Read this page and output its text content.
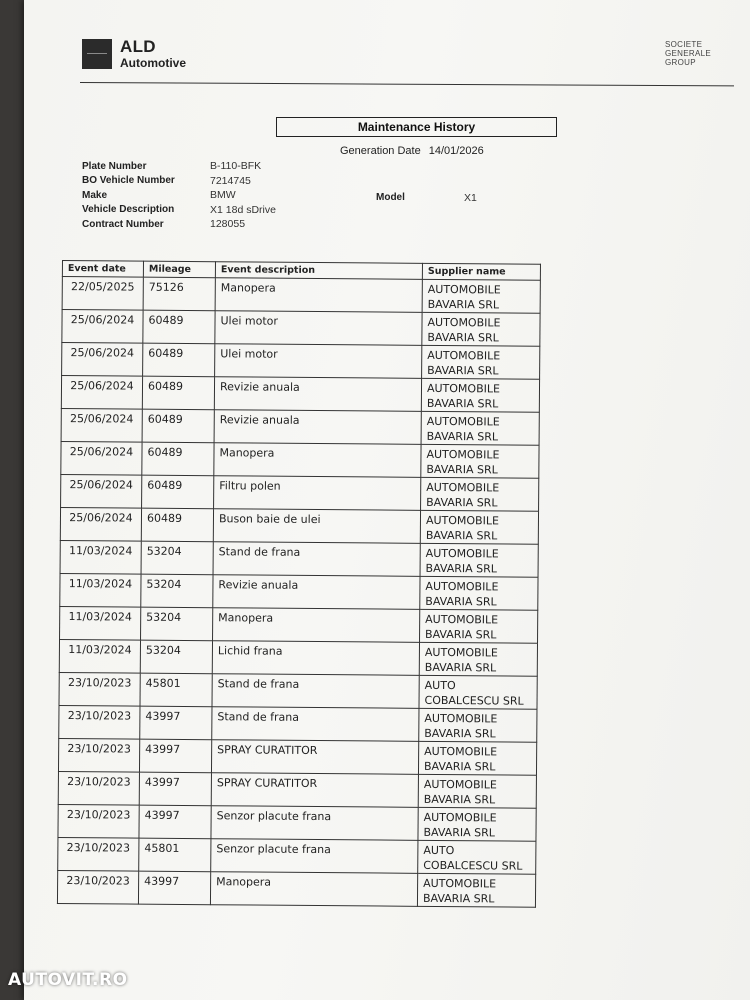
ALD
Automotive
SOCIETE
GENERALE
GROUP
Maintenance History
Generation Date 14/01/2026
Plate Number	B-110-BFK
BO Vehicle Number	7214745
Make	BMW
Vehicle Description	X1 18d sDrive
Contract Number	128055
Model	X1
Event date	Mileage	Event description	Supplier name
22/05/2025	75126	Manopera	AUTOMOBILE
BAVARIA SRL
25/06/2024	60489	Ulei motor	AUTOMOBILE
BAVARIA SRL
25/06/2024	60489	Ulei motor	AUTOMOBILE
BAVARIA SRL
25/06/2024	60489	Revizie anuala	AUTOMOBILE
BAVARIA SRL
25/06/2024	60489	Revizie anuala	AUTOMOBILE
BAVARIA SRL
25/06/2024	60489	Manopera	AUTOMOBILE
BAVARIA SRL
25/06/2024	60489	Filtru polen	AUTOMOBILE
BAVARIA SRL
25/06/2024	60489	Buson baie de ulei	AUTOMOBILE
BAVARIA SRL
11/03/2024	53204	Stand de frana	AUTOMOBILE
BAVARIA SRL
11/03/2024	53204	Revizie anuala	AUTOMOBILE
BAVARIA SRL
11/03/2024	53204	Manopera	AUTOMOBILE
BAVARIA SRL
11/03/2024	53204	Lichid frana	AUTOMOBILE
BAVARIA SRL
23/10/2023	45801	Stand de frana	AUTO
COBALCESCU SRL
23/10/2023	43997	Stand de frana	AUTOMOBILE
BAVARIA SRL
23/10/2023	43997	SPRAY CURATITOR	AUTOMOBILE
BAVARIA SRL
23/10/2023	43997	SPRAY CURATITOR	AUTOMOBILE
BAVARIA SRL
23/10/2023	43997	Senzor placute frana	AUTOMOBILE
BAVARIA SRL
23/10/2023	45801	Senzor placute frana	AUTO
COBALCESCU SRL
23/10/2023	43997	Manopera	AUTOMOBILE
BAVARIA SRL
AUTOVIT.RO
